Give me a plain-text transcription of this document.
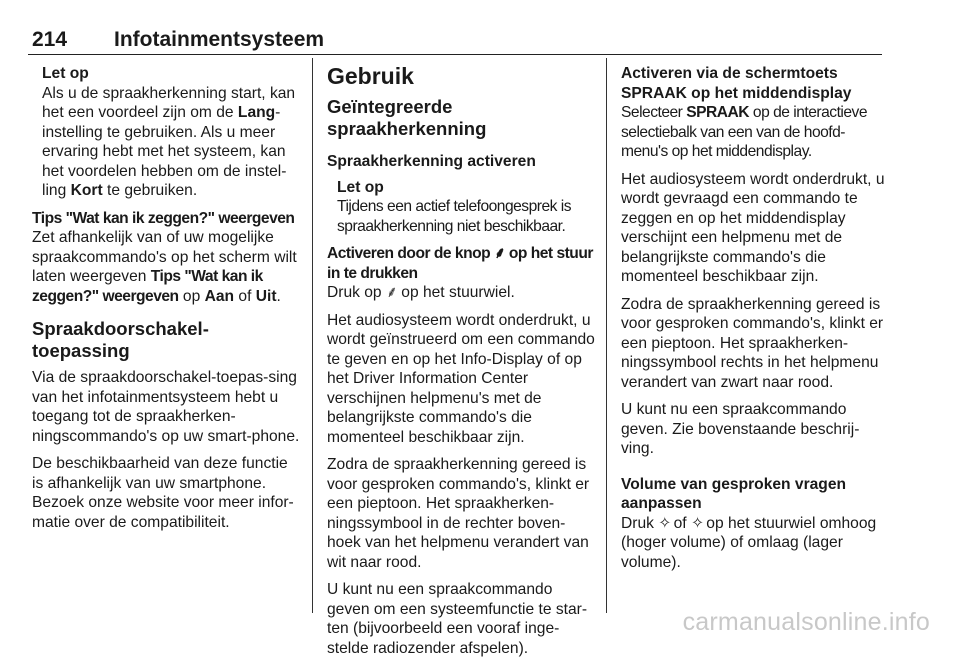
214 Infotainmentsysteem
Let op

Als u de spraakherkenning start, kan het een voordeel zijn om de Lang-instelling te gebruiken. Als u meer ervaring hebt met het systeem, kan het voordelen hebben om de instel-ling Kort te gebruiken.

Tips "Wat kan ik zeggen?" weergeven

Zet afhankelijk van of uw mogelijke spraakcommando's op het scherm wilt laten weergeven Tips "Wat kan ik zeggen?" weergeven op Aan of Uit.

Spraakdoorschakel-toepassing

Via de spraakdoorschakel-toepas-sing van het infotainmentsysteem hebt u toegang tot de spraakherken-ningscommando's op uw smart-phone.

De beschikbaarheid van deze functie is afhankelijk van uw smartphone. Bezoek onze website voor meer infor-matie over de compatibiliteit.

Gebruik
Geïntegreerde spraakherkenning
Spraakherkenning activeren
Let op

Tijdens een actief telefoongesprek is spraakherkenning niet beschikbaar.

Activeren door de knop ⸙ op het stuur in te drukken

Druk op ⸙ op het stuurwiel.

Het audiosysteem wordt onderdrukt, u wordt geïnstrueerd om een commando te geven en op het Info-Display of op het Driver Information Center verschijnen helpmenu's met de belangrijkste commando's die momenteel beschikbaar zijn.

Zodra de spraakherkenning gereed is voor gesproken commando's, klinkt er een pieptoon. Het spraakherken-ningssymbool in de rechter boven-hoek van het helpmenu verandert van wit naar rood.

U kunt nu een spraakcommando geven om een systeemfunctie te star-ten (bijvoorbeeld een vooraf inge-stelde radiozender afspelen).

Activeren via de schermtoets SPRAAK op het middendisplay

Selecteer SPRAAK op de interactieve selectiebalk van een van de hoofd-menu's op het middendisplay.

Het audiosysteem wordt onderdrukt, u wordt gevraagd een commando te zeggen en op het middendisplay verschijnt een helpmenu met de belangrijkste commando's die momenteel beschikbaar zijn.

Zodra de spraakherkenning gereed is voor gesproken commando's, klinkt er een pieptoon. Het spraakherken-ningssymbool rechts in het helpmenu verandert van zwart naar rood.

U kunt nu een spraakcommando geven. Zie bovenstaande beschrij-ving.

Volume van gesproken vragen aanpassen

Druk ✧ of ✧ op het stuurwiel omhoog (hoger volume) of omlaag (lager volume).

carmanualsonline.info
